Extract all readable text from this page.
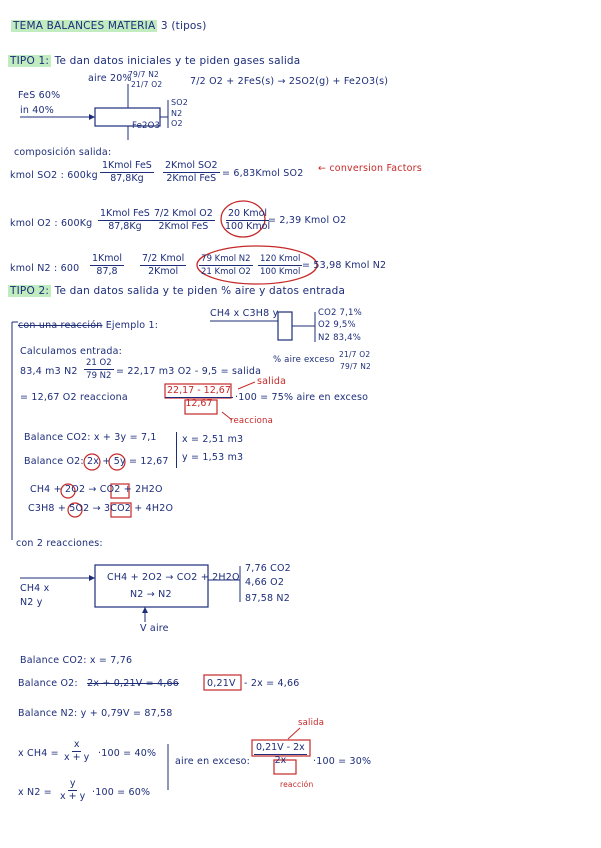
TEMA BALANCES MATERIA 3 (tipos)
TIPO 1: Te dan datos iniciales y te piden gases salida
aire 20%
79/7 N2
21/7 O2	7/2 O2 + 2FeS(s) → 2SO2(g) + Fe2O3(s)
FeS 60%
in 40%
SO2
N2
O2
Fe2O3
composición salida:
kmol SO2 : 600kg
1Kmol FeS
87,8Kg
2Kmol SO2
2Kmol FeS = 6,83Kmol SO2 ← conversion Factors
kmol O2 : 600Kg
1Kmol FeS
87,8Kg
7/2 Kmol O2
2Kmol FeS
20 Kmol
100 Kmol
= 2,39 Kmol O2
kmol N2 : 600
1Kmol
87,8
7/2 Kmol
2Kmol
79 Kmol N2
21 Kmol O2
120 Kmol
100 Kmol
= 53,98 Kmol N2
TIPO 2: Te dan datos salida y te piden % aire y datos entrada
con una reacción Ejemplo 1:
CH4 x C3H8 y	CO2 7,1%
O2 9,5%
N2 83,4%
Calculamos entrada:
% aire exceso
21/7 O2
79/7 N2
83,4 m3 $N2 \frac{21 O2}{79 N2} = 22,17$ m3 O2 - 9,5 = salida
salida
= 12,67 O2 reacciona	$\frac{22,17 - 12,67}{12,67} \cdot 100 = 75\%$ aire en exceso
reacciona
Balance CO2: x + 3y = 7,1
Balance O2: 2x + 5y = 12,67
x = 2,51 m3
y = 1,53 m3
CH4 + 2O2 → CO2 + 2H2O
C3H8 + 5O2 → 3CO2 + 4H2O
con 2 reacciones:
CH4 x
N2 y
CH4 + 2O2 → CO2 + 2H2O
N2 → N2
V aire
7,76 CO2
4,66 O2
87,58 N2
Balance CO2: x = 7,76
Balance O2: 2x + 0,21V = 4,66	0,21V - 2x = 4,66
Balance N2: y + 0,79V = 87,58
x $CH4 = \frac{x}{x + y} \cdot 100 = 40\%$
x $N2 = \frac{y}{x + y} \cdot 100 = 60\%$
aire en exceso: $\frac{0,21V - 2x}{2x} \cdot 100 = 30\%$
salida
reacción
